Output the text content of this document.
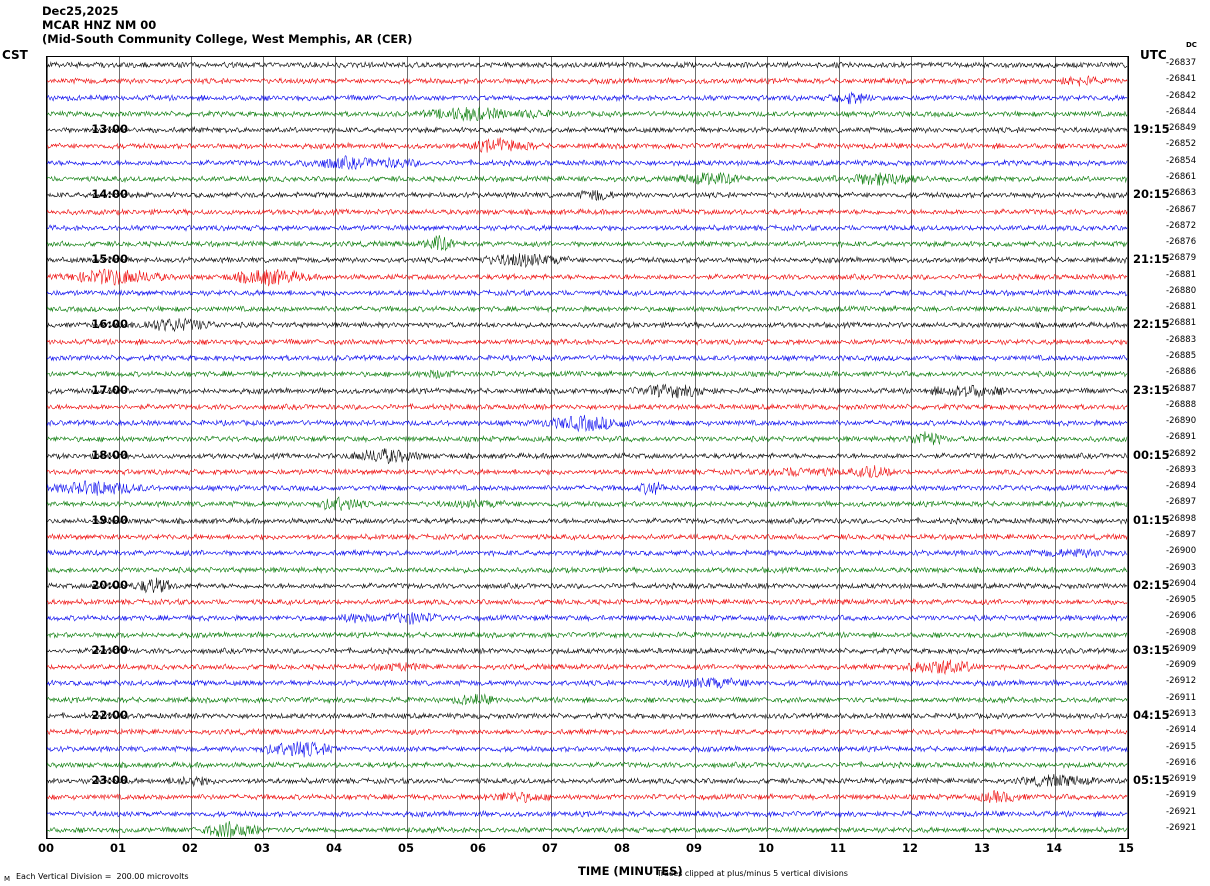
Dec25,2025
MCAR HNZ NM 00
(Mid-South Community College, West Memphis, AR (CER)
CST	UTC
DC
TIME (MINUTES)
M Each Vertical Division =  200.00 microvolts	Traces clipped at plus/minus 5 vertical divisions
-26837
-26841
-26842
-26844
-26849
-26852
-26854
-26861
-26863
-26867
-26872
-26876
-26879
-26881
-26880
-26881
-26881
-26883
-26885
-26886
-26887
-26888
-26890
-26891
-26892
-26893
-26894
-26897
-26898
-26897
-26900
-26903
-26904
-26905
-26906
-26908
-26909
-26909
-26912
-26911
-26913
-26914
-26915
-26916
-26919
-26919
-26921
-26921
13:00	19:15
14:00	20:15
15:00	21:15
16:00	22:15
17:00	23:15
18:00	00:15
19:00	01:15
20:00	02:15
21:00	03:15
22:00	04:15
23:00	05:15
00	01	02	03	04	05	06	07	08	09	10	11	12	13	14	15
